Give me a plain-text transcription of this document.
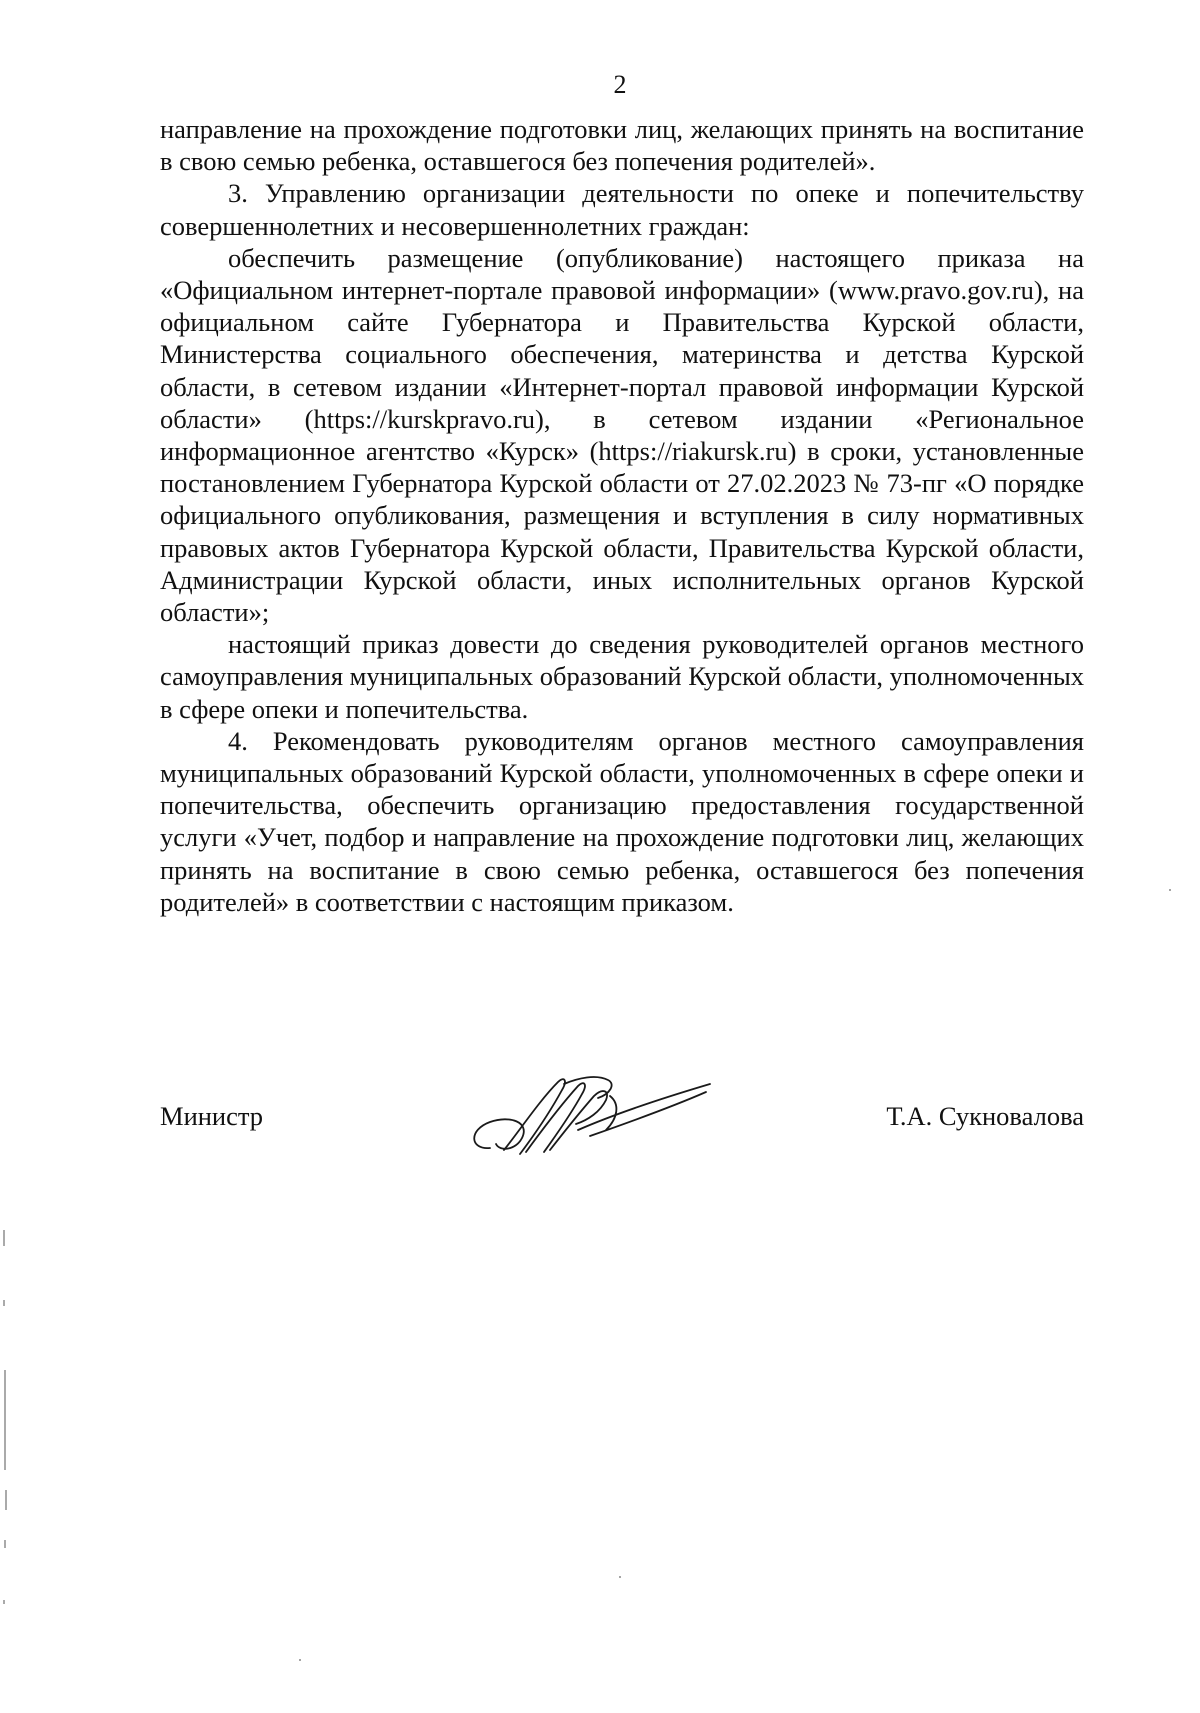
2

направление на прохождение подготовки лиц, желающих принять на воспитание в свою семью ребенка, оставшегося без попечения родителей».

3. Управлению организации деятельности по опеке и попечительству совершеннолетних и несовершеннолетних граждан:

обеспечить размещение (опубликование) настоящего приказа на «Официальном интернет-портале правовой информации» (www.pravo.gov.ru), на официальном сайте Губернатора и Правительства Курской области, Министерства социального обеспечения, материнства и детства Курской области, в сетевом издании «Интернет-портал правовой информации Курской области» (https://kurskpravo.ru), в сетевом издании «Региональное информационное агентство «Курск» (https://riakursk.ru) в сроки, установленные постановлением Губернатора Курской области от 27.02.2023 № 73-пг «О порядке официального опубликования, размещения и вступления в силу нормативных правовых актов Губернатора Курской области, Правительства Курской области, Администрации Курской области, иных исполнительных органов Курской области»;

настоящий приказ довести до сведения руководителей органов местного самоуправления муниципальных образований Курской области, уполномоченных в сфере опеки и попечительства.

4. Рекомендовать руководителям органов местного самоуправления муниципальных образований Курской области, уполномоченных в сфере опеки и попечительства, обеспечить организацию предоставления государственной услуги «Учет, подбор и направление на прохождение подготовки лиц, желающих принять на воспитание в свою семью ребенка, оставшегося без попечения родителей» в соответствии с настоящим приказом.

Министр	Т.А. Сукновалова
